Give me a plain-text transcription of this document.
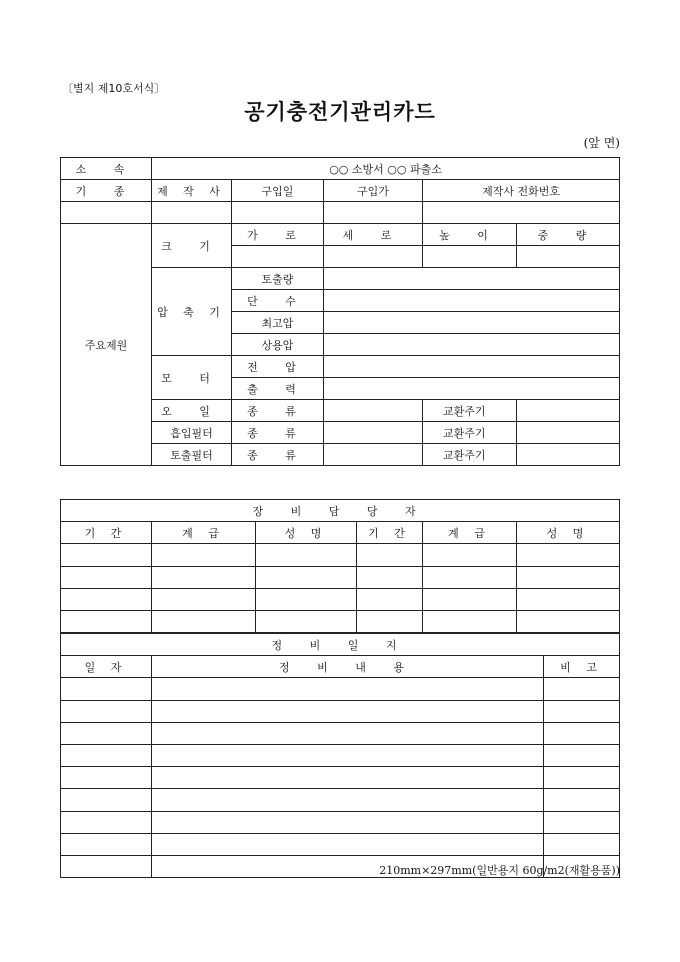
〔별지 제10호서식〕
공기충전기관리카드
(앞 면)
소 속	○○ 소방서 ○○ 파출소				
기 종	제 작 사	구입일	구입가	제작사 전화번호	

주요제원	크 기	가 로	세 로	높 이	중 량

	압 축 기	토출량			
		단 수			
		최고압			
		상용압			
	모 터	전 압			
		출 력			
	오 일	종 류		교환주기	
	흡입필터	종 류		교환주기	
	토출필터	종 류		교환주기	
장 비 담 당 자					
기 간	계 급	성 명	기 간	계 급	성 명

정 비 일 지		
일 자	정 비 내 용	비 고

210mm×297mm(일반용지 60g/m2(재활용품))
